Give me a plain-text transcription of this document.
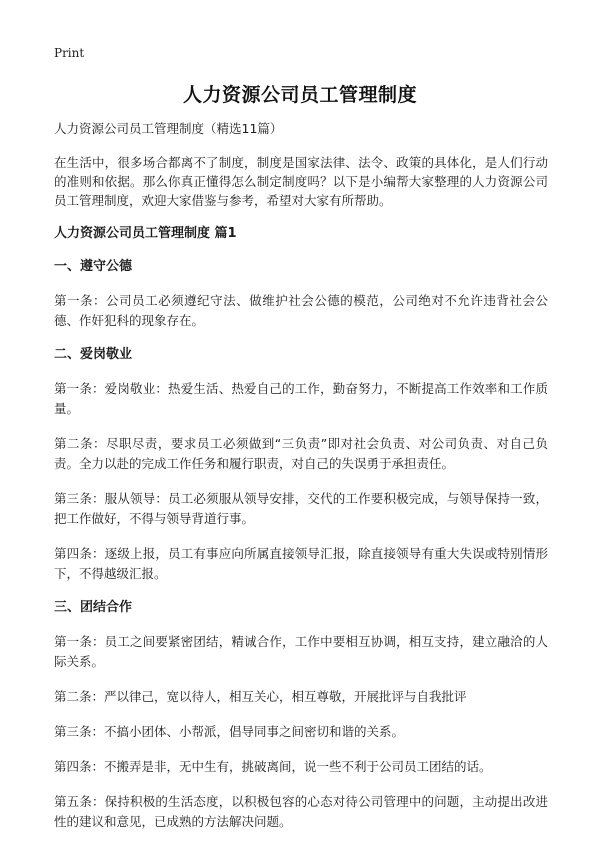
Print
人力资源公司员工管理制度

人力资源公司员工管理制度（精选11篇）

在生活中，很多场合都离不了制度，制度是国家法律、法令、政策的具体化，是人们行动的准则和依据。那么你真正懂得怎么制定制度吗？以下是小编帮大家整理的人力资源公司员工管理制度，欢迎大家借鉴与参考，希望对大家有所帮助。

人力资源公司员工管理制度 篇1

一、遵守公德

第一条：公司员工必须遵纪守法、做维护社会公德的模范，公司绝对不允许违背社会公德、作奸犯科的现象存在。

二、爱岗敬业

第一条：爱岗敬业：热爱生活、热爱自己的工作，勤奋努力，不断提高工作效率和工作质量。

第二条：尽职尽责，要求员工必须做到“三负责”即对社会负责、对公司负责、对自己负责。全力以赴的完成工作任务和履行职责，对自己的失误勇于承担责任。

第三条：服从领导：员工必须服从领导安排，交代的工作要积极完成，与领导保持一致，把工作做好，不得与领导背道行事。

第四条：逐级上报，员工有事应向所属直接领导汇报，除直接领导有重大失误或特别情形下，不得越级汇报。

三、团结合作

第一条：员工之间要紧密团结，精诚合作，工作中要相互协调，相互支持，建立融洽的人际关系。

第二条：严以律己，宽以待人，相互关心，相互尊敬，开展批评与自我批评

第三条：不搞小团体、小帮派，倡导同事之间密切和谐的关系。

第四条：不搬弄是非，无中生有，挑破离间，说一些不利于公司员工团结的话。

第五条：保持积极的生活态度，以积极包容的心态对待公司管理中的问题，主动提出改进性的建议和意见，已成熟的方法解决问题。
